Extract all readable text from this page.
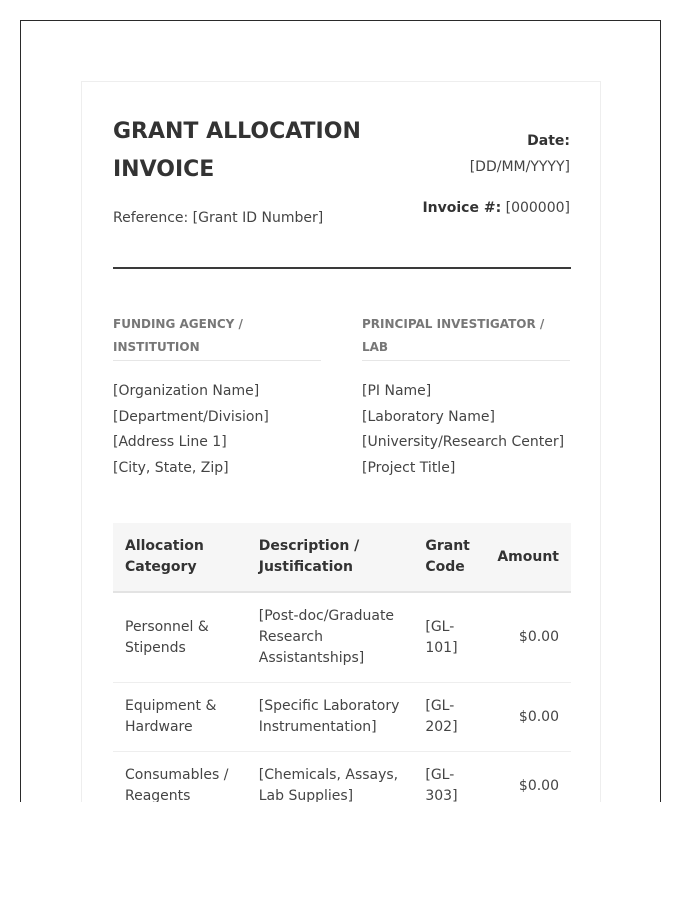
GRANT ALLOCATION INVOICE
Reference: [Grant ID Number]
Date:
[DD/MM/YYYY]
Invoice #: [000000]
FUNDING AGENCY / INSTITUTION
[Organization Name]
[Department/Division]
[Address Line 1]
[City, State, Zip]
PRINCIPAL INVESTIGATOR / LAB
[PI Name]
[Laboratory Name]
[University/Research Center]
[Project Title]
Allocation Category	Description / Justification	Grant Code	Amount
Personnel & Stipends	[Post-doc/Graduate Research Assistantships]	[GL-101]	$0.00
Equipment & Hardware	[Specific Laboratory Instrumentation]	[GL-202]	$0.00
Consumables / Reagents	[Chemicals, Assays, Lab Supplies]	[GL-303]	$0.00
